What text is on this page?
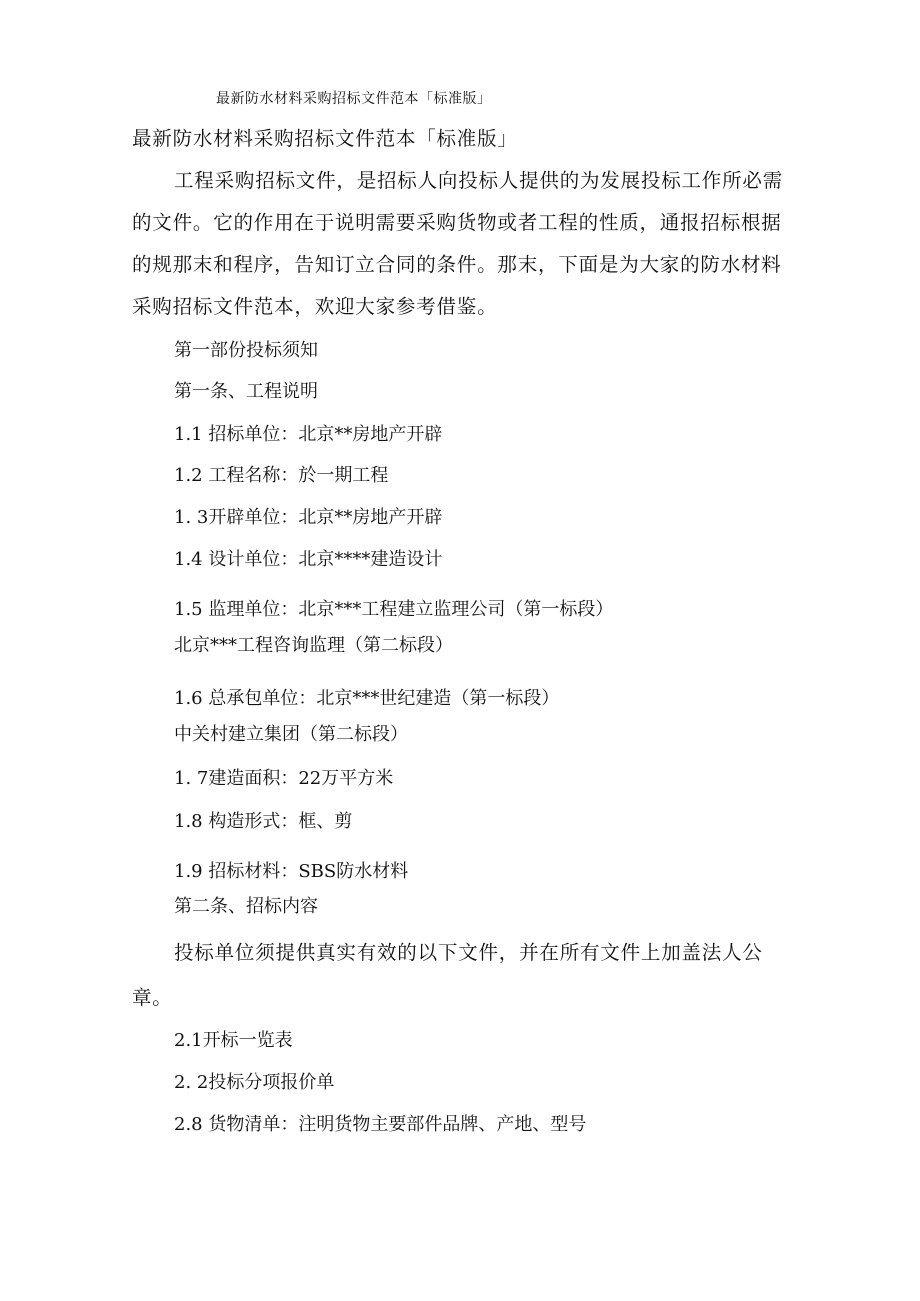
最新防水材料采购招标文件范本「标准版」
最新防水材料采购招标文件范本「标准版」
工程采购招标文件，是招标人向投标人提供的为发展投标工作所必需
的文件。它的作用在于说明需要采购货物或者工程的性质，通报招标根据
的规那末和程序，告知订立合同的条件。那末，下面是为大家的防水材料
采购招标文件范本，欢迎大家参考借鉴。
第一部份投标须知
第一条、工程说明
1.1 招标单位：北京**房地产开辟
1.2 工程名称：於一期工程
1. 3开辟单位：北京**房地产开辟
1.4 设计单位：北京****建造设计
1.5 监理单位：北京***工程建立监理公司（第一标段）
北京***工程咨询监理（第二标段）
1.6 总承包单位：北京***世纪建造（第一标段）
中关村建立集团（第二标段）
1. 7建造面积：22万平方米
1.8 构造形式：框、剪
1.9 招标材料：SBS防水材料
第二条、招标内容
投标单位须提供真实有效的以下文件，并在所有文件上加盖法人公
章。
2.1开标一览表
2. 2投标分项报价单
2.8 货物清单：注明货物主要部件品牌、产地、型号
